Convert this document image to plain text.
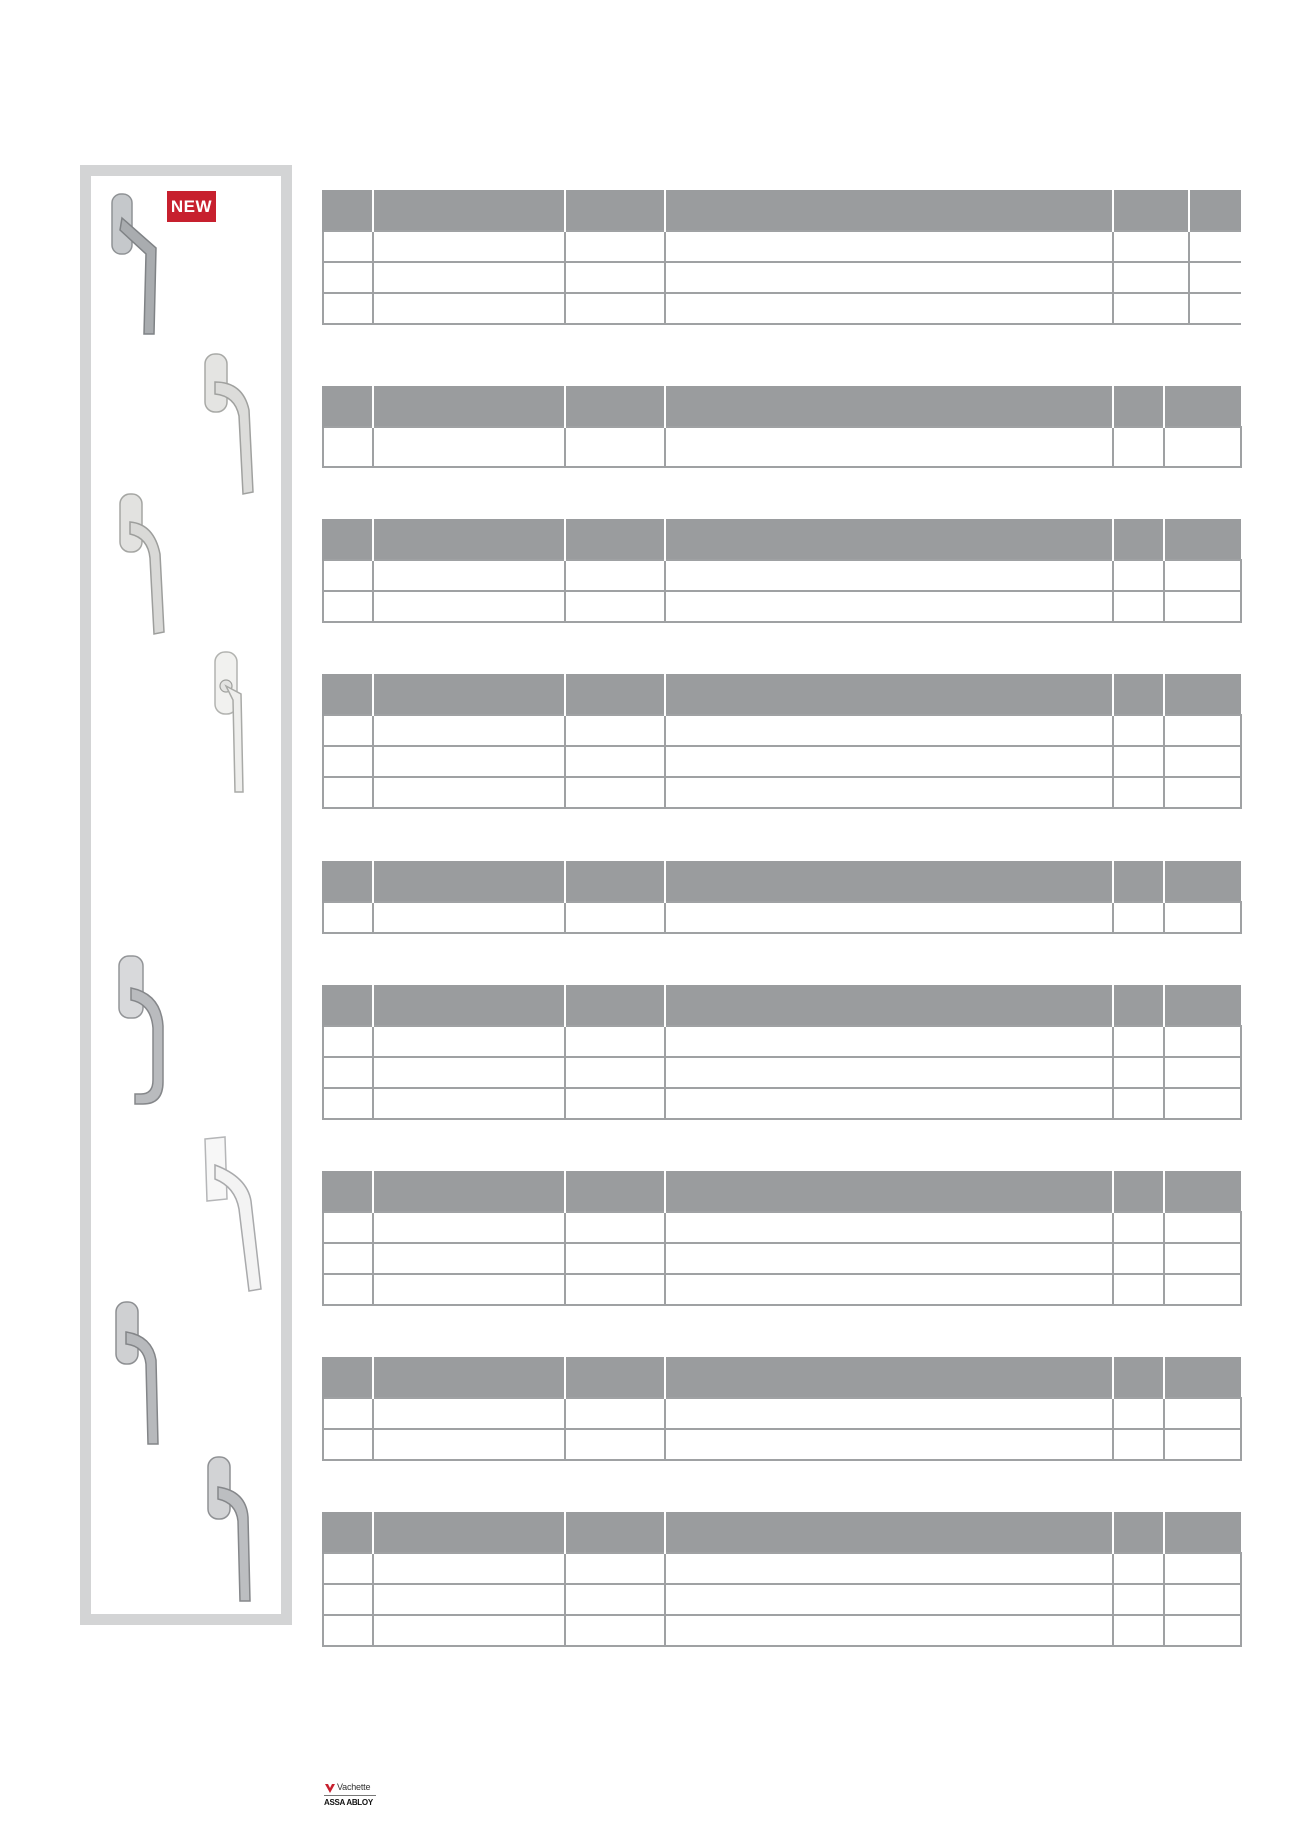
NEW

Vachette
ASSA ABLOY
